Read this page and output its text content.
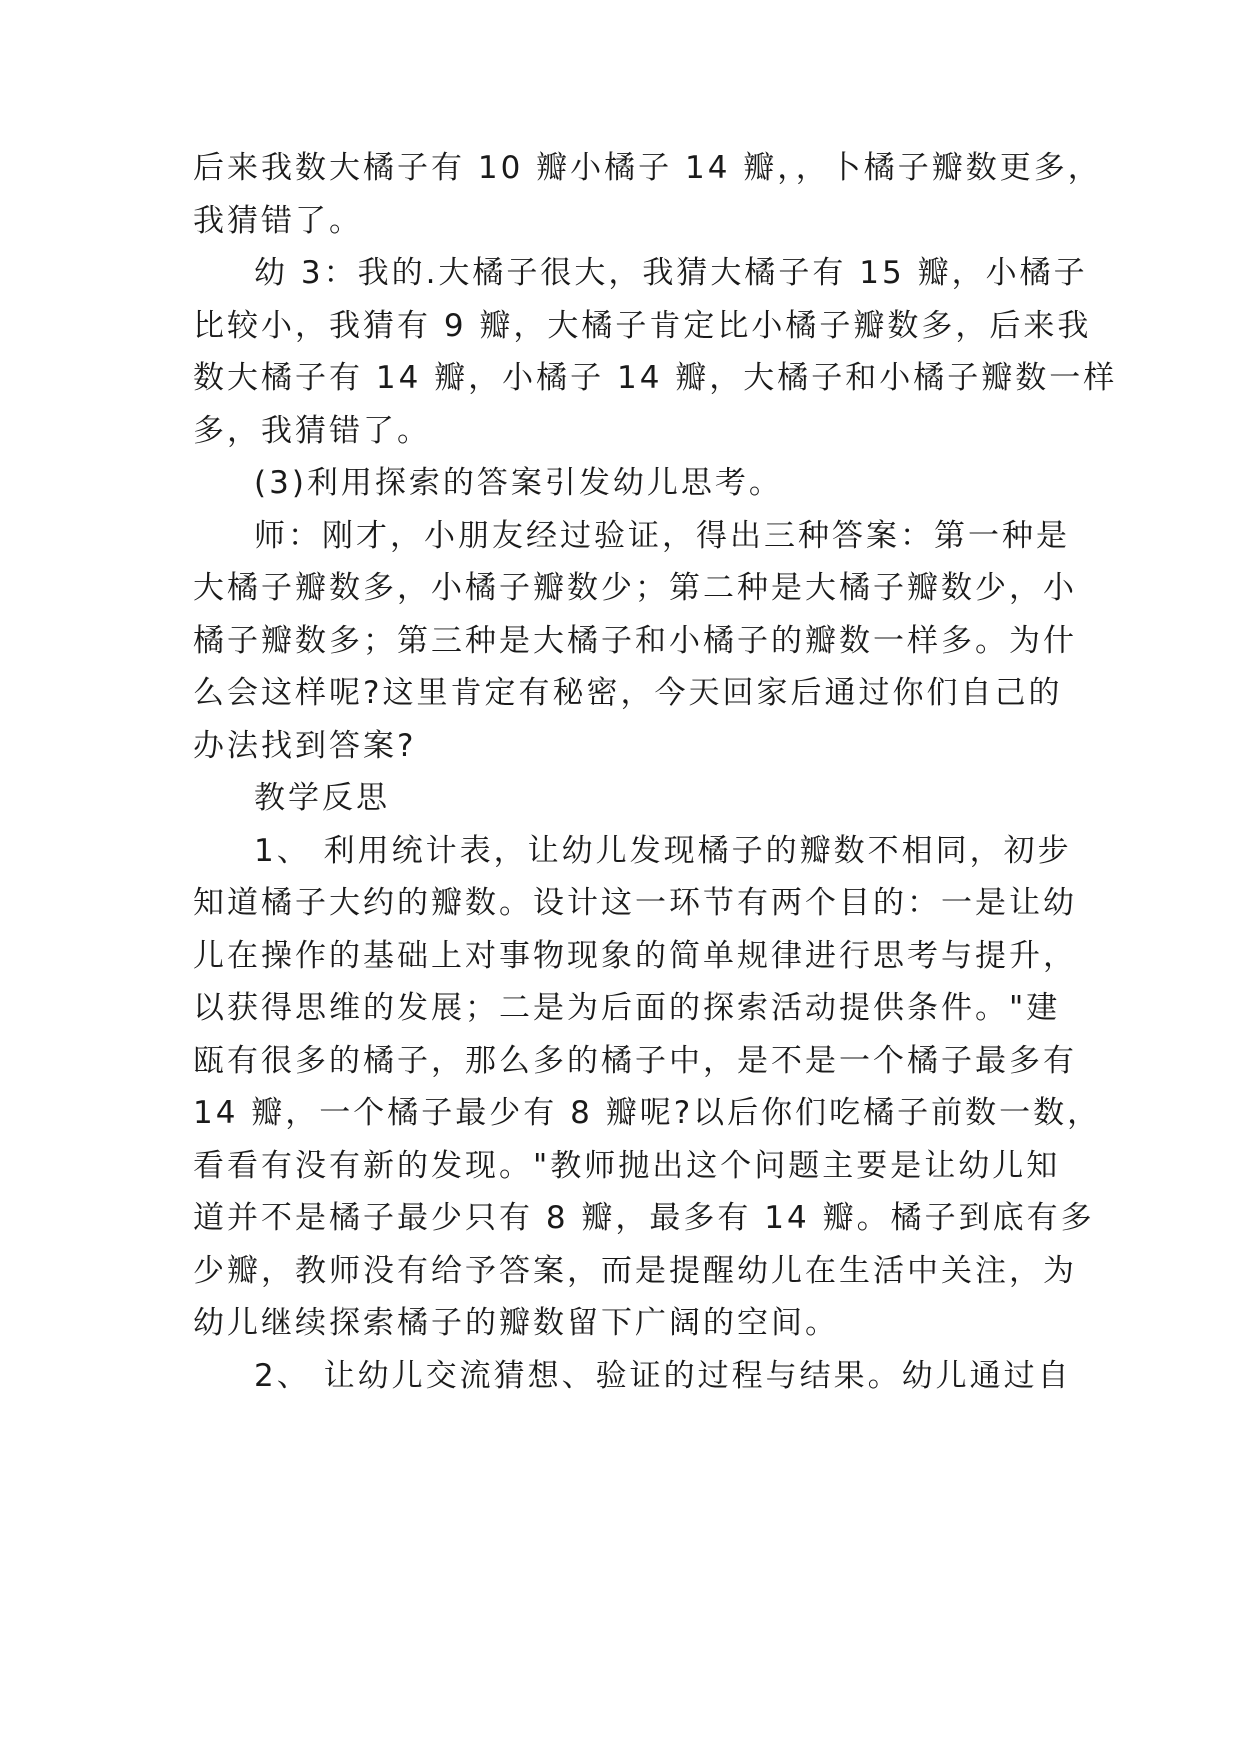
后来我数大橘子有 10 瓣小橘子 14 瓣，，卜橘子瓣数更多，
我猜错了。
幼 3：我的.大橘子很大，我猜大橘子有 15 瓣，小橘子
比较小，我猜有 9 瓣，大橘子肯定比小橘子瓣数多，后来我
数大橘子有 14 瓣，小橘子 14 瓣，大橘子和小橘子瓣数一样
多，我猜错了。
(3)利用探索的答案引发幼儿思考。
师：刚才，小朋友经过验证，得出三种答案：第一种是
大橘子瓣数多，小橘子瓣数少；第二种是大橘子瓣数少，小
橘子瓣数多；第三种是大橘子和小橘子的瓣数一样多。为什
么会这样呢?这里肯定有秘密，今天回家后通过你们自己的
办法找到答案?
教学反思
1、 利用统计表，让幼儿发现橘子的瓣数不相同，初步
知道橘子大约的瓣数。设计这一环节有两个目的：一是让幼
儿在操作的基础上对事物现象的简单规律进行思考与提升，
以获得思维的发展；二是为后面的探索活动提供条件。"建
瓯有很多的橘子，那么多的橘子中，是不是一个橘子最多有
14 瓣，一个橘子最少有 8 瓣呢?以后你们吃橘子前数一数，
看看有没有新的发现。"教师抛出这个问题主要是让幼儿知
道并不是橘子最少只有 8 瓣，最多有 14 瓣。橘子到底有多
少瓣，教师没有给予答案，而是提醒幼儿在生活中关注，为
幼儿继续探索橘子的瓣数留下广阔的空间。
2、 让幼儿交流猜想、验证的过程与结果。幼儿通过自
